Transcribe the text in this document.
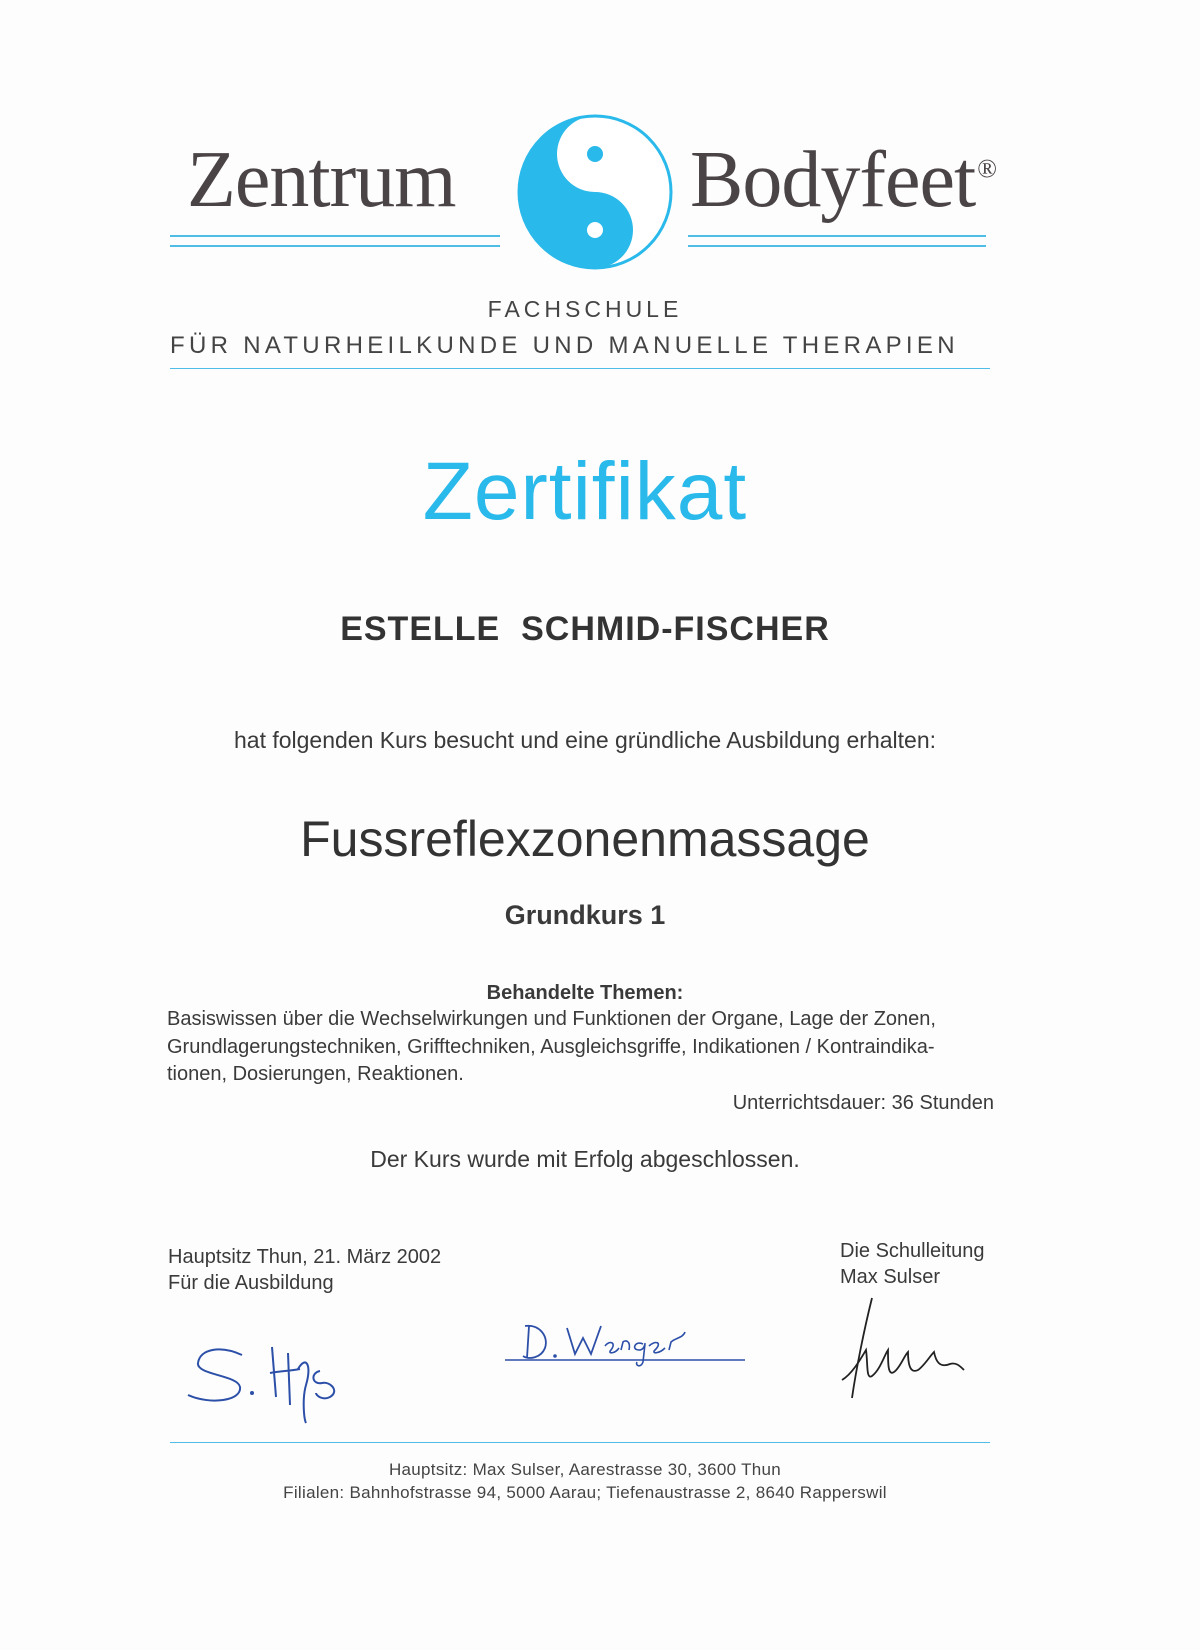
Zentrum	Bodyfeet®
FACHSCHULE
FÜR NATURHEILKUNDE UND MANUELLE THERAPIEN
Zertifikat
ESTELLE  SCHMID-FISCHER
hat folgenden Kurs besucht und eine gründliche Ausbildung erhalten:
Fussreflexzonenmassage
Grundkurs 1
Behandelte Themen:
Basiswissen über die Wechselwirkungen und Funktionen der Organe, Lage der Zonen,
Grundlagerungstechniken, Grifftechniken, Ausgleichsgriffe, Indikationen / Kontraindika-
tionen, Dosierungen, Reaktionen.
Unterrichtsdauer: 36 Stunden
Der Kurs wurde mit Erfolg abgeschlossen.
Hauptsitz Thun, 21. März 2002
Für die Ausbildung
Die Schulleitung
Max Sulser
Hauptsitz: Max Sulser, Aarestrasse 30, 3600 Thun
Filialen: Bahnhofstrasse 94, 5000 Aarau; Tiefenaustrasse 2, 8640 Rapperswil
